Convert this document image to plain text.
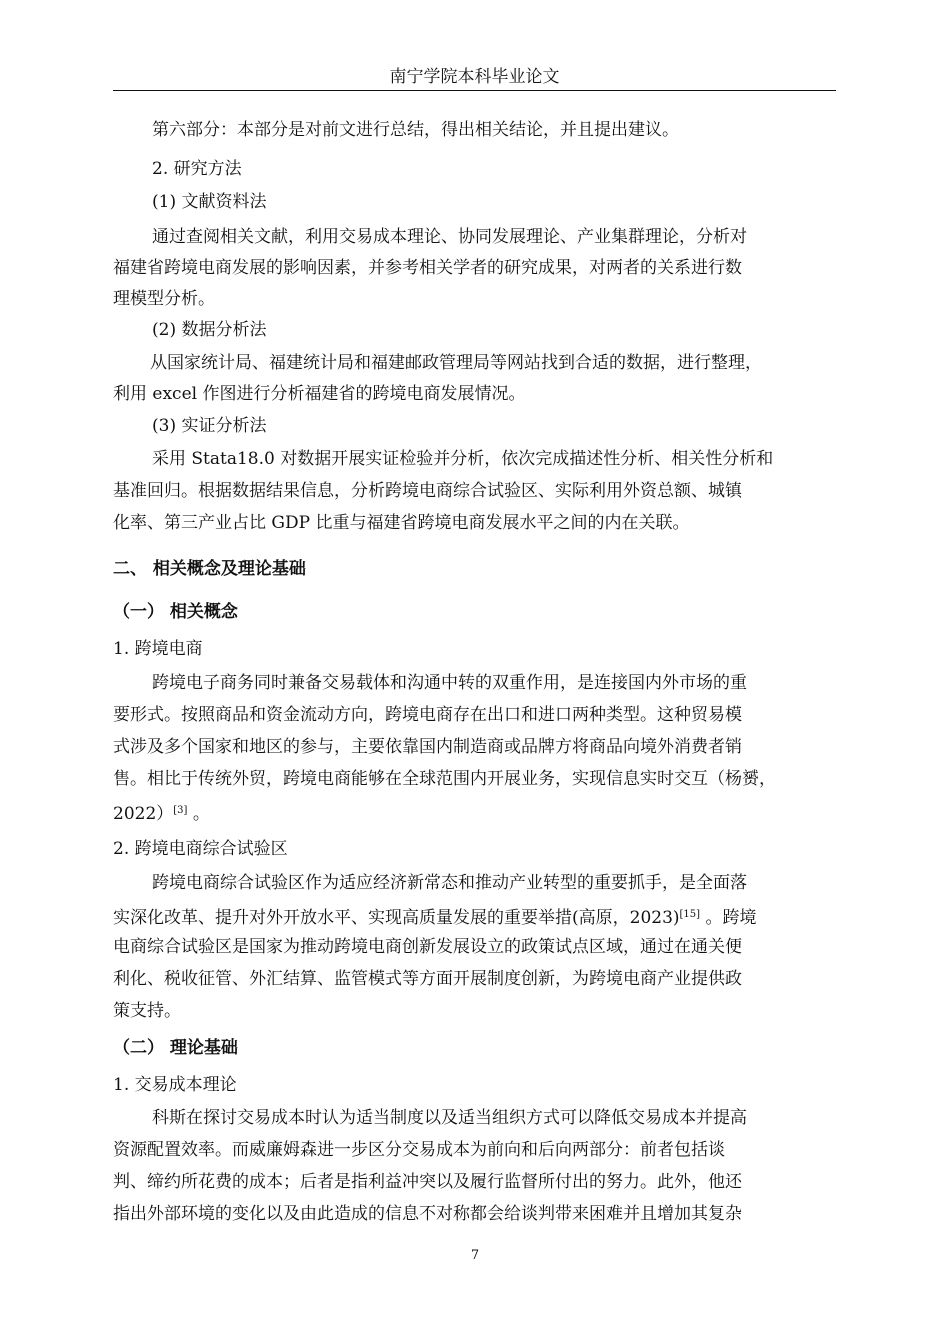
南宁学院本科毕业论文
第六部分：本部分是对前文进行总结，得出相关结论，并且提出建议。
2. 研究方法
(1) 文献资料法
通过查阅相关文献，利用交易成本理论、协同发展理论、产业集群理论，分析对
福建省跨境电商发展的影响因素，并参考相关学者的研究成果，对两者的关系进行数
理模型分析。
(2) 数据分析法
从国家统计局、福建统计局和福建邮政管理局等网站找到合适的数据，进行整理，
利用 excel 作图进行分析福建省的跨境电商发展情况。
(3) 实证分析法
采用 Stata18.0 对数据开展实证检验并分析，依次完成描述性分析、相关性分析和
基准回归。根据数据结果信息，分析跨境电商综合试验区、实际利用外资总额、城镇
化率、第三产业占比 GDP 比重与福建省跨境电商发展水平之间的内在关联。
二、 相关概念及理论基础
（一） 相关概念
1. 跨境电商
跨境电子商务同时兼备交易载体和沟通中转的双重作用，是连接国内外市场的重
要形式。按照商品和资金流动方向，跨境电商存在出口和进口两种类型。这种贸易模
式涉及多个国家和地区的参与，主要依靠国内制造商或品牌方将商品向境外消费者销
售。相比于传统外贸，跨境电商能够在全球范围内开展业务，实现信息实时交互（杨赟，
2022）[3] 。
2. 跨境电商综合试验区
跨境电商综合试验区作为适应经济新常态和推动产业转型的重要抓手，是全面落
实深化改革、提升对外开放水平、实现高质量发展的重要举措(高原，2023)[15] 。跨境
电商综合试验区是国家为推动跨境电商创新发展设立的政策试点区域，通过在通关便
利化、税收征管、外汇结算、监管模式等方面开展制度创新，为跨境电商产业提供政
策支持。
（二） 理论基础
1. 交易成本理论
科斯在探讨交易成本时认为适当制度以及适当组织方式可以降低交易成本并提高
资源配置效率。而威廉姆森进一步区分交易成本为前向和后向两部分：前者包括谈
判、缔约所花费的成本；后者是指利益冲突以及履行监督所付出的努力。此外，他还
指出外部环境的变化以及由此造成的信息不对称都会给谈判带来困难并且增加其复杂
7
